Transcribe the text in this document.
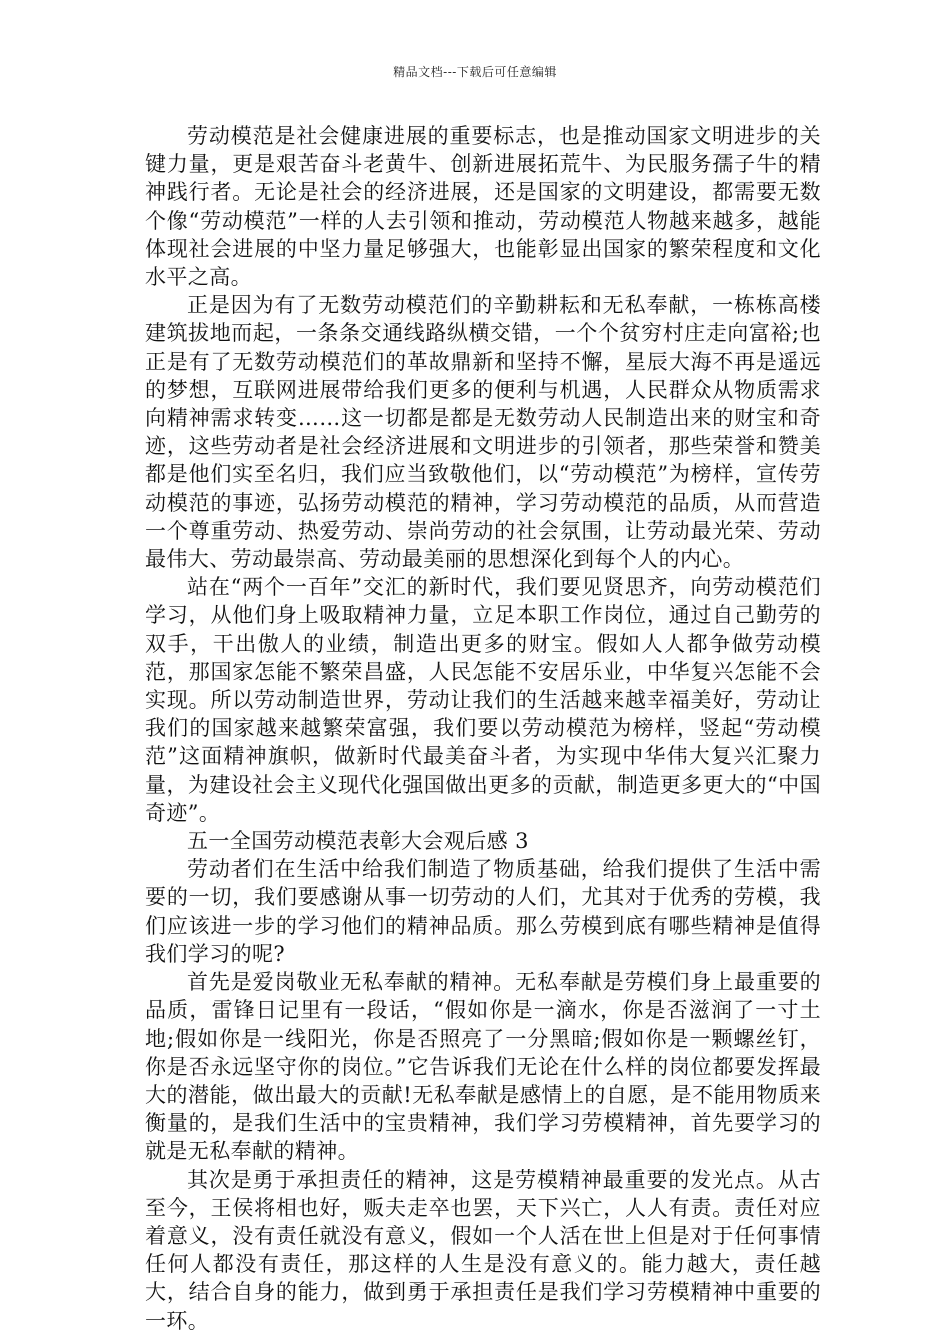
精品文档---下载后可任意编辑

劳动模范是社会健康进展的重要标志，也是推动国家文明进步的关键力量，更是艰苦奋斗老黄牛、创新进展拓荒牛、为民服务孺子牛的精神践行者。无论是社会的经济进展，还是国家的文明建设，都需要无数个像“劳动模范”一样的人去引领和推动，劳动模范人物越来越多，越能体现社会进展的中坚力量足够强大，也能彰显出国家的繁荣程度和文化水平之高。

正是因为有了无数劳动模范们的辛勤耕耘和无私奉献，一栋栋高楼建筑拔地而起，一条条交通线路纵横交错，一个个贫穷村庄走向富裕;也正是有了无数劳动模范们的革故鼎新和坚持不懈，星辰大海不再是遥远的梦想，互联网进展带给我们更多的便利与机遇，人民群众从物质需求向精神需求转变……这一切都是都是无数劳动人民制造出来的财宝和奇迹，这些劳动者是社会经济进展和文明进步的引领者，那些荣誉和赞美都是他们实至名归，我们应当致敬他们，以“劳动模范”为榜样，宣传劳动模范的事迹，弘扬劳动模范的精神，学习劳动模范的品质，从而营造一个尊重劳动、热爱劳动、崇尚劳动的社会氛围，让劳动最光荣、劳动最伟大、劳动最崇高、劳动最美丽的思想深化到每个人的内心。

站在“两个一百年”交汇的新时代，我们要见贤思齐，向劳动模范们学习，从他们身上吸取精神力量，立足本职工作岗位，通过自己勤劳的双手，干出傲人的业绩，制造出更多的财宝。假如人人都争做劳动模范，那国家怎能不繁荣昌盛，人民怎能不安居乐业，中华复兴怎能不会实现。所以劳动制造世界，劳动让我们的生活越来越幸福美好，劳动让我们的国家越来越繁荣富强，我们要以劳动模范为榜样，竖起“劳动模范”这面精神旗帜，做新时代最美奋斗者，为实现中华伟大复兴汇聚力量，为建设社会主义现代化强国做出更多的贡献，制造更多更大的“中国奇迹”。

五一全国劳动模范表彰大会观后感 3

劳动者们在生活中给我们制造了物质基础，给我们提供了生活中需要的一切，我们要感谢从事一切劳动的人们，尤其对于优秀的劳模，我们应该进一步的学习他们的精神品质。那么劳模到底有哪些精神是值得我们学习的呢?

首先是爱岗敬业无私奉献的精神。无私奉献是劳模们身上最重要的品质，雷锋日记里有一段话，“假如你是一滴水，你是否滋润了一寸土地;假如你是一线阳光，你是否照亮了一分黑暗;假如你是一颗螺丝钉，你是否永远坚守你的岗位。”它告诉我们无论在什么样的岗位都要发挥最大的潜能，做出最大的贡献!无私奉献是感情上的自愿，是不能用物质来衡量的，是我们生活中的宝贵精神，我们学习劳模精神，首先要学习的就是无私奉献的精神。

其次是勇于承担责任的精神，这是劳模精神最重要的发光点。从古至今，王侯将相也好，贩夫走卒也罢，天下兴亡，人人有责。责任对应着意义，没有责任就没有意义，假如一个人活在世上但是对于任何事情任何人都没有责任，那这样的人生是没有意义的。能力越大，责任越大，结合自身的能力，做到勇于承担责任是我们学习劳模精神中重要的一环。
